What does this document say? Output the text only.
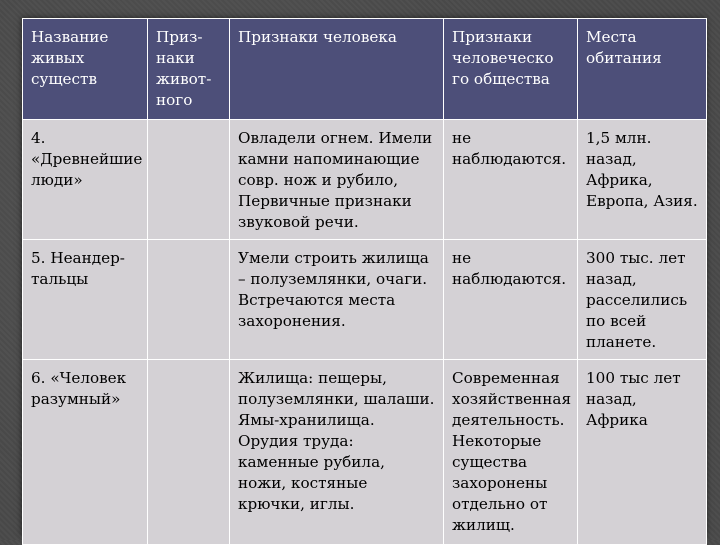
Название живых существ	Приз-наки живот-ного	Признаки человека	Признаки человеческо го общества	Места обитания
4. «Древнейшие люди»		Овладели огнем. Имели камни напоминающие совр. нож и рубило, Первичные признаки звуковой речи.	не наблюдаются.	1,5 млн. назад, Африка, Европа, Азия.
5. Неандер-тальцы		Умели строить жилища – полуземлянки, очаги. Встречаются места захоронения.	не наблюдаются.	300 тыс. лет назад, расселились по всей планете.
6. «Человек разумный»		Жилища: пещеры, полуземлянки, шалаши. Ямы-хранилища. Орудия труда: каменные рубила, ножи, костяные крючки, иглы.	Современная хозяйственная деятельность. Некоторые существа захоронены отдельно от жилищ.	100 тыс лет назад, Африка
